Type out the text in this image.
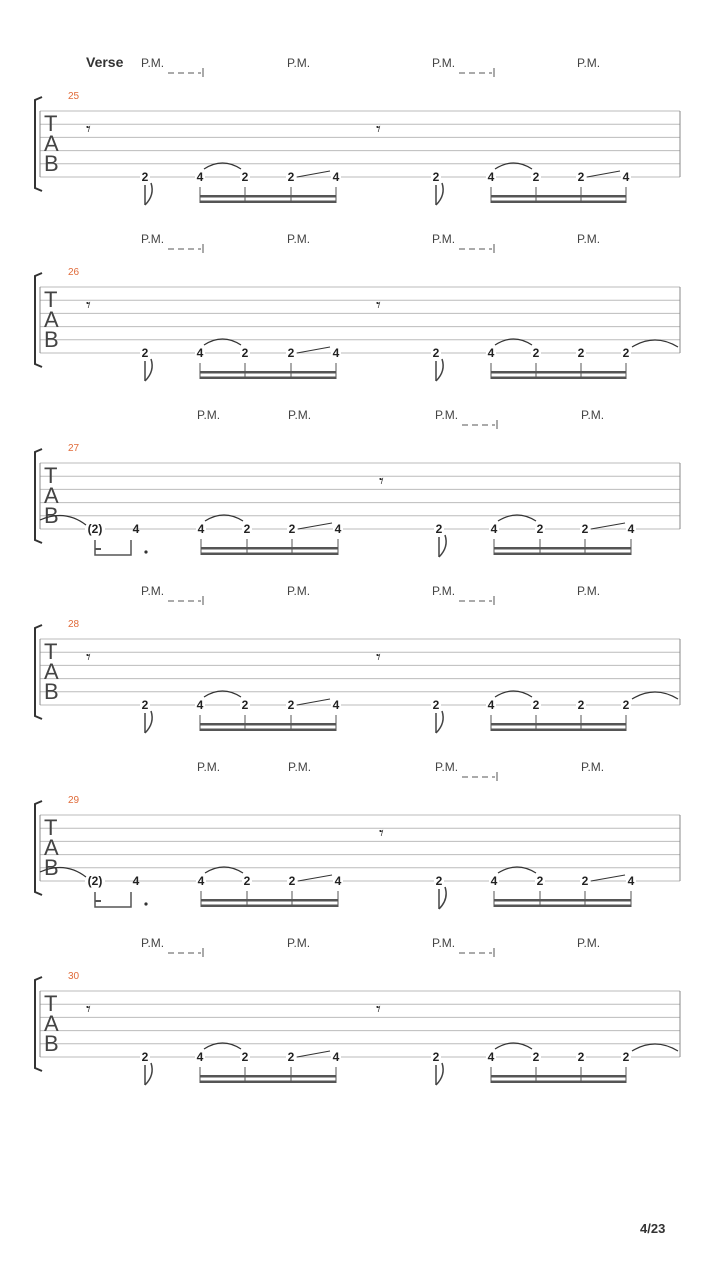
Verse P.M.	P.M.	P.M.	P.M.
25
T
A
B
𝄾	𝄾
2	4	2	2	4	2	4	2	2	4
P.M.	P.M.	P.M.	P.M.
26
T
A
B
𝄾	𝄾
2	4	2	2	4	2	4	2	2	2
P.M.	P.M.	P.M.	P.M.
27
T
A
B
𝄾
4	2	2	4	2	4	2	2	4
(2)	4
P.M.	P.M.	P.M.	P.M.
28
T
A
B
𝄾	𝄾
2	4	2	2	4	2	4	2	2	2
P.M.	P.M.	P.M.	P.M.
29
T
A
B
𝄾
4	2	2	4	2	4	2	2	4
(2)	4
P.M.	P.M.	P.M.	P.M.
30
T
A
B
𝄾	𝄾
2	4	2	2	4	2	4	2	2	2
4/23
